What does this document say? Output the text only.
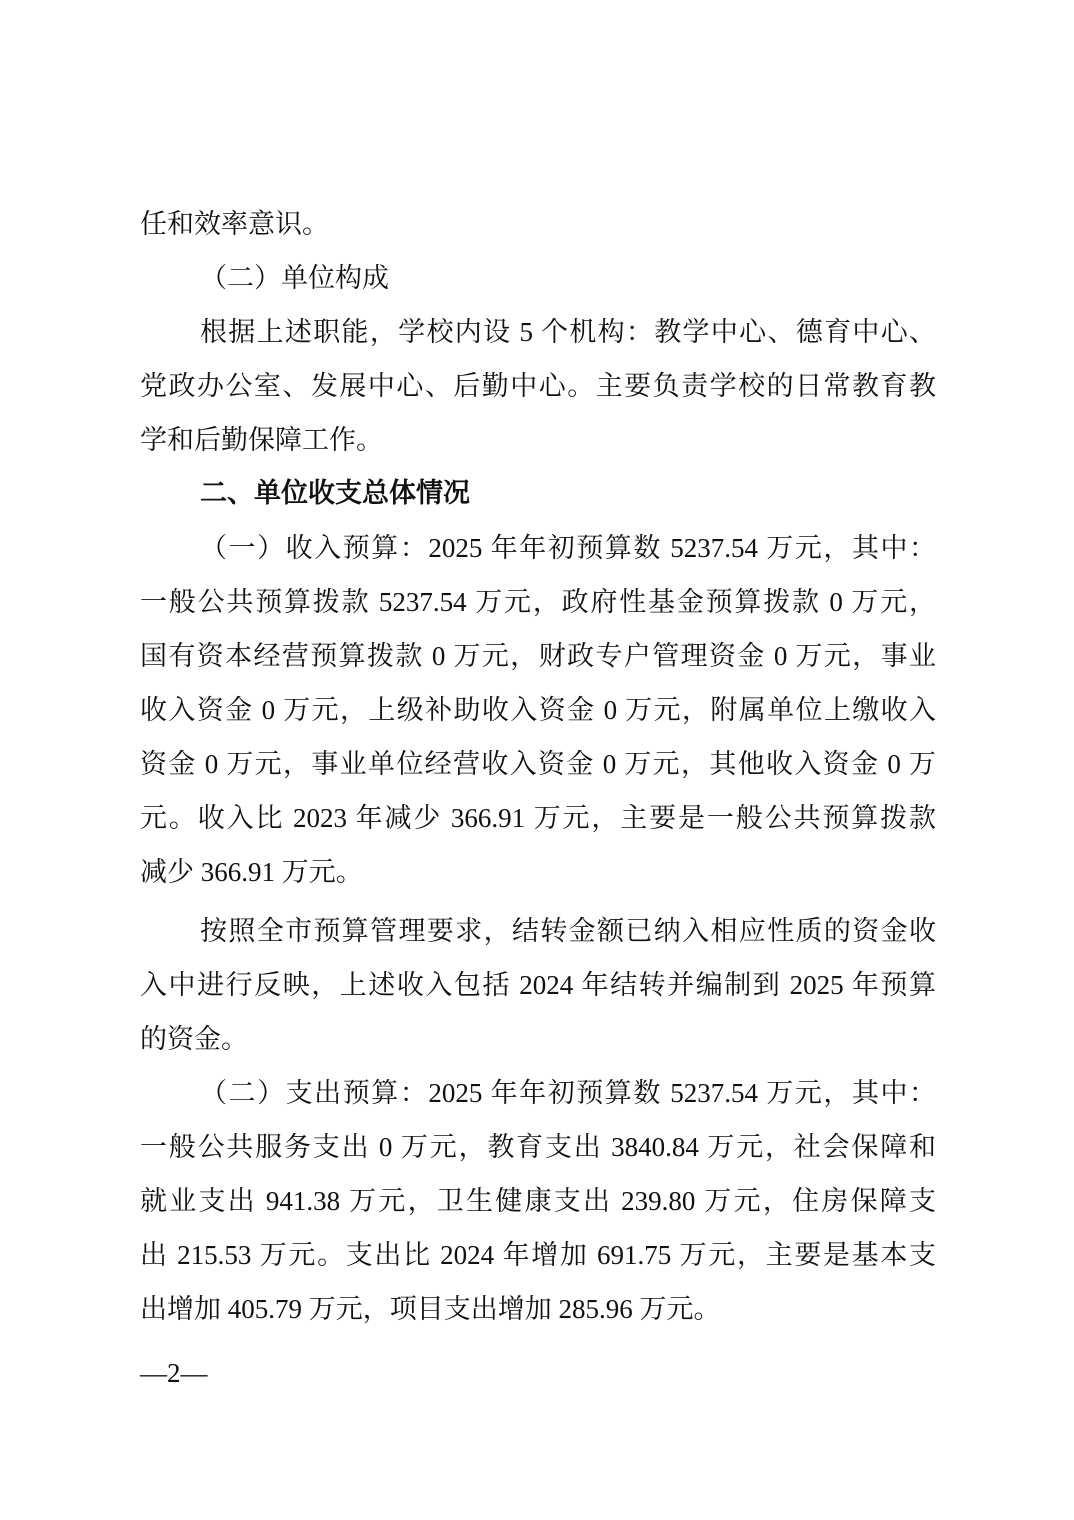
任和效率意识。
（二）单位构成
根据上述职能，学校内设 5 个机构：教学中心、德育中心、
党政办公室、发展中心、后勤中心。主要负责学校的日常教育教
学和后勤保障工作。
二、单位收支总体情况
（一）收入预算：2025 年年初预算数 5237.54 万元，其中：
一般公共预算拨款 5237.54 万元，政府性基金预算拨款 0 万元，
国有资本经营预算拨款 0 万元，财政专户管理资金 0 万元，事业
收入资金 0 万元，上级补助收入资金 0 万元，附属单位上缴收入
资金 0 万元，事业单位经营收入资金 0 万元，其他收入资金 0 万
元。收入比 2023 年减少 366.91 万元，主要是一般公共预算拨款
减少 366.91 万元。
按照全市预算管理要求，结转金额已纳入相应性质的资金收
入中进行反映，上述收入包括 2024 年结转并编制到 2025 年预算
的资金。
（二）支出预算：2025 年年初预算数 5237.54 万元，其中：
一般公共服务支出 0 万元，教育支出 3840.84 万元，社会保障和
就业支出 941.38 万元，卫生健康支出 239.80 万元，住房保障支
出 215.53 万元。支出比 2024 年增加 691.75 万元，主要是基本支
出增加 405.79 万元，项目支出增加 285.96 万元。
—2—
